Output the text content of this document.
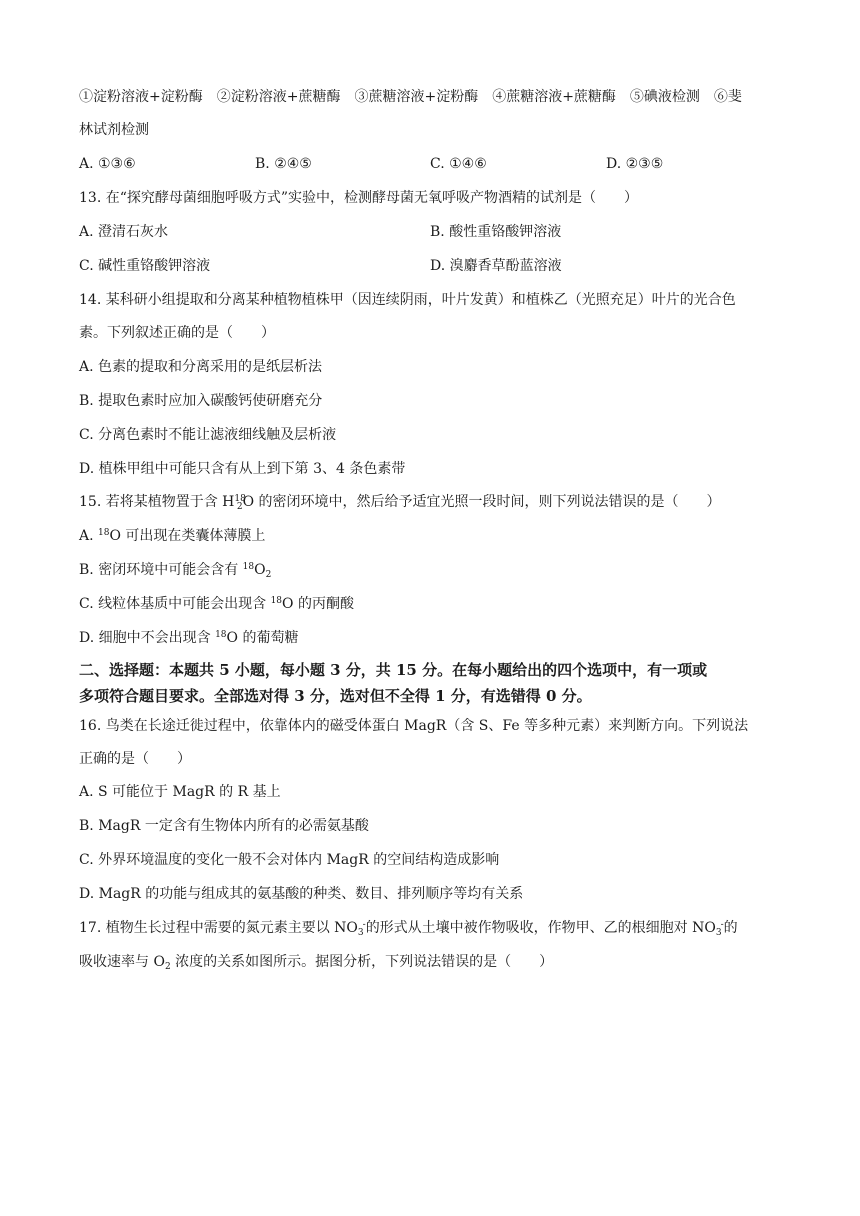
①淀粉溶液+淀粉酶　②淀粉溶液+蔗糖酶　③蔗糖溶液+淀粉酶　④蔗糖溶液+蔗糖酶　⑤碘液检测　⑥斐
林试剂检测
A. ①③⑥	B. ②④⑤	C. ①④⑥	D. ②③⑤
13. 在“探究酵母菌细胞呼吸方式”实验中，检测酵母菌无氧呼吸产物酒精的试剂是（　　）
A. 澄清石灰水	B. 酸性重铬酸钾溶液
C. 碱性重铬酸钾溶液	D. 溴麝香草酚蓝溶液
14. 某科研小组提取和分离某种植物植株甲（因连续阴雨，叶片发黄）和植株乙（光照充足）叶片的光合色
素。下列叙述正确的是（　　）
A. 色素的提取和分离采用的是纸层析法
B. 提取色素时应加入碳酸钙使研磨充分
C. 分离色素时不能让滤液细线触及层析液
D. 植株甲组中可能只含有从上到下第 3、4 条色素带
15. 若将某植物置于含 $H^{18}_2O$ 的密闭环境中，然后给予适宜光照一段时间，则下列说法错误的是（　　）
A. $^{18}$O 可出现在类囊体薄膜上
B. 密闭环境中可能会含有 $^{18}O_2$
C. 线粒体基质中可能会出现含 $^{18}$O 的丙酮酸
D. 细胞中不会出现含 $^{18}$O 的葡萄糖
二、选择题：本题共 5 小题，每小题 3 分，共 15 分。在每小题给出的四个选项中，有一项或
多项符合题目要求。全部选对得 3 分，选对但不全得 1 分，有选错得 0 分。
16. 鸟类在长途迁徙过程中，依靠体内的磁受体蛋白 MagR（含 S、Fe 等多种元素）来判断方向。下列说法
正确的是（　　）
A. S 可能位于 MagR 的 R 基上
B. MagR 一定含有生物体内所有的必需氨基酸
C. 外界环境温度的变化一般不会对体内 MagR 的空间结构造成影响
D. MagR 的功能与组成其的氨基酸的种类、数目、排列顺序等均有关系
17. 植物生长过程中需要的氮元素主要以 $NO_3^-$的形式从土壤中被作物吸收，作物甲、乙的根细胞对 $NO_3^-$的
吸收速率与 $O_2$ 浓度的关系如图所示。据图分析，下列说法错误的是（　　）
